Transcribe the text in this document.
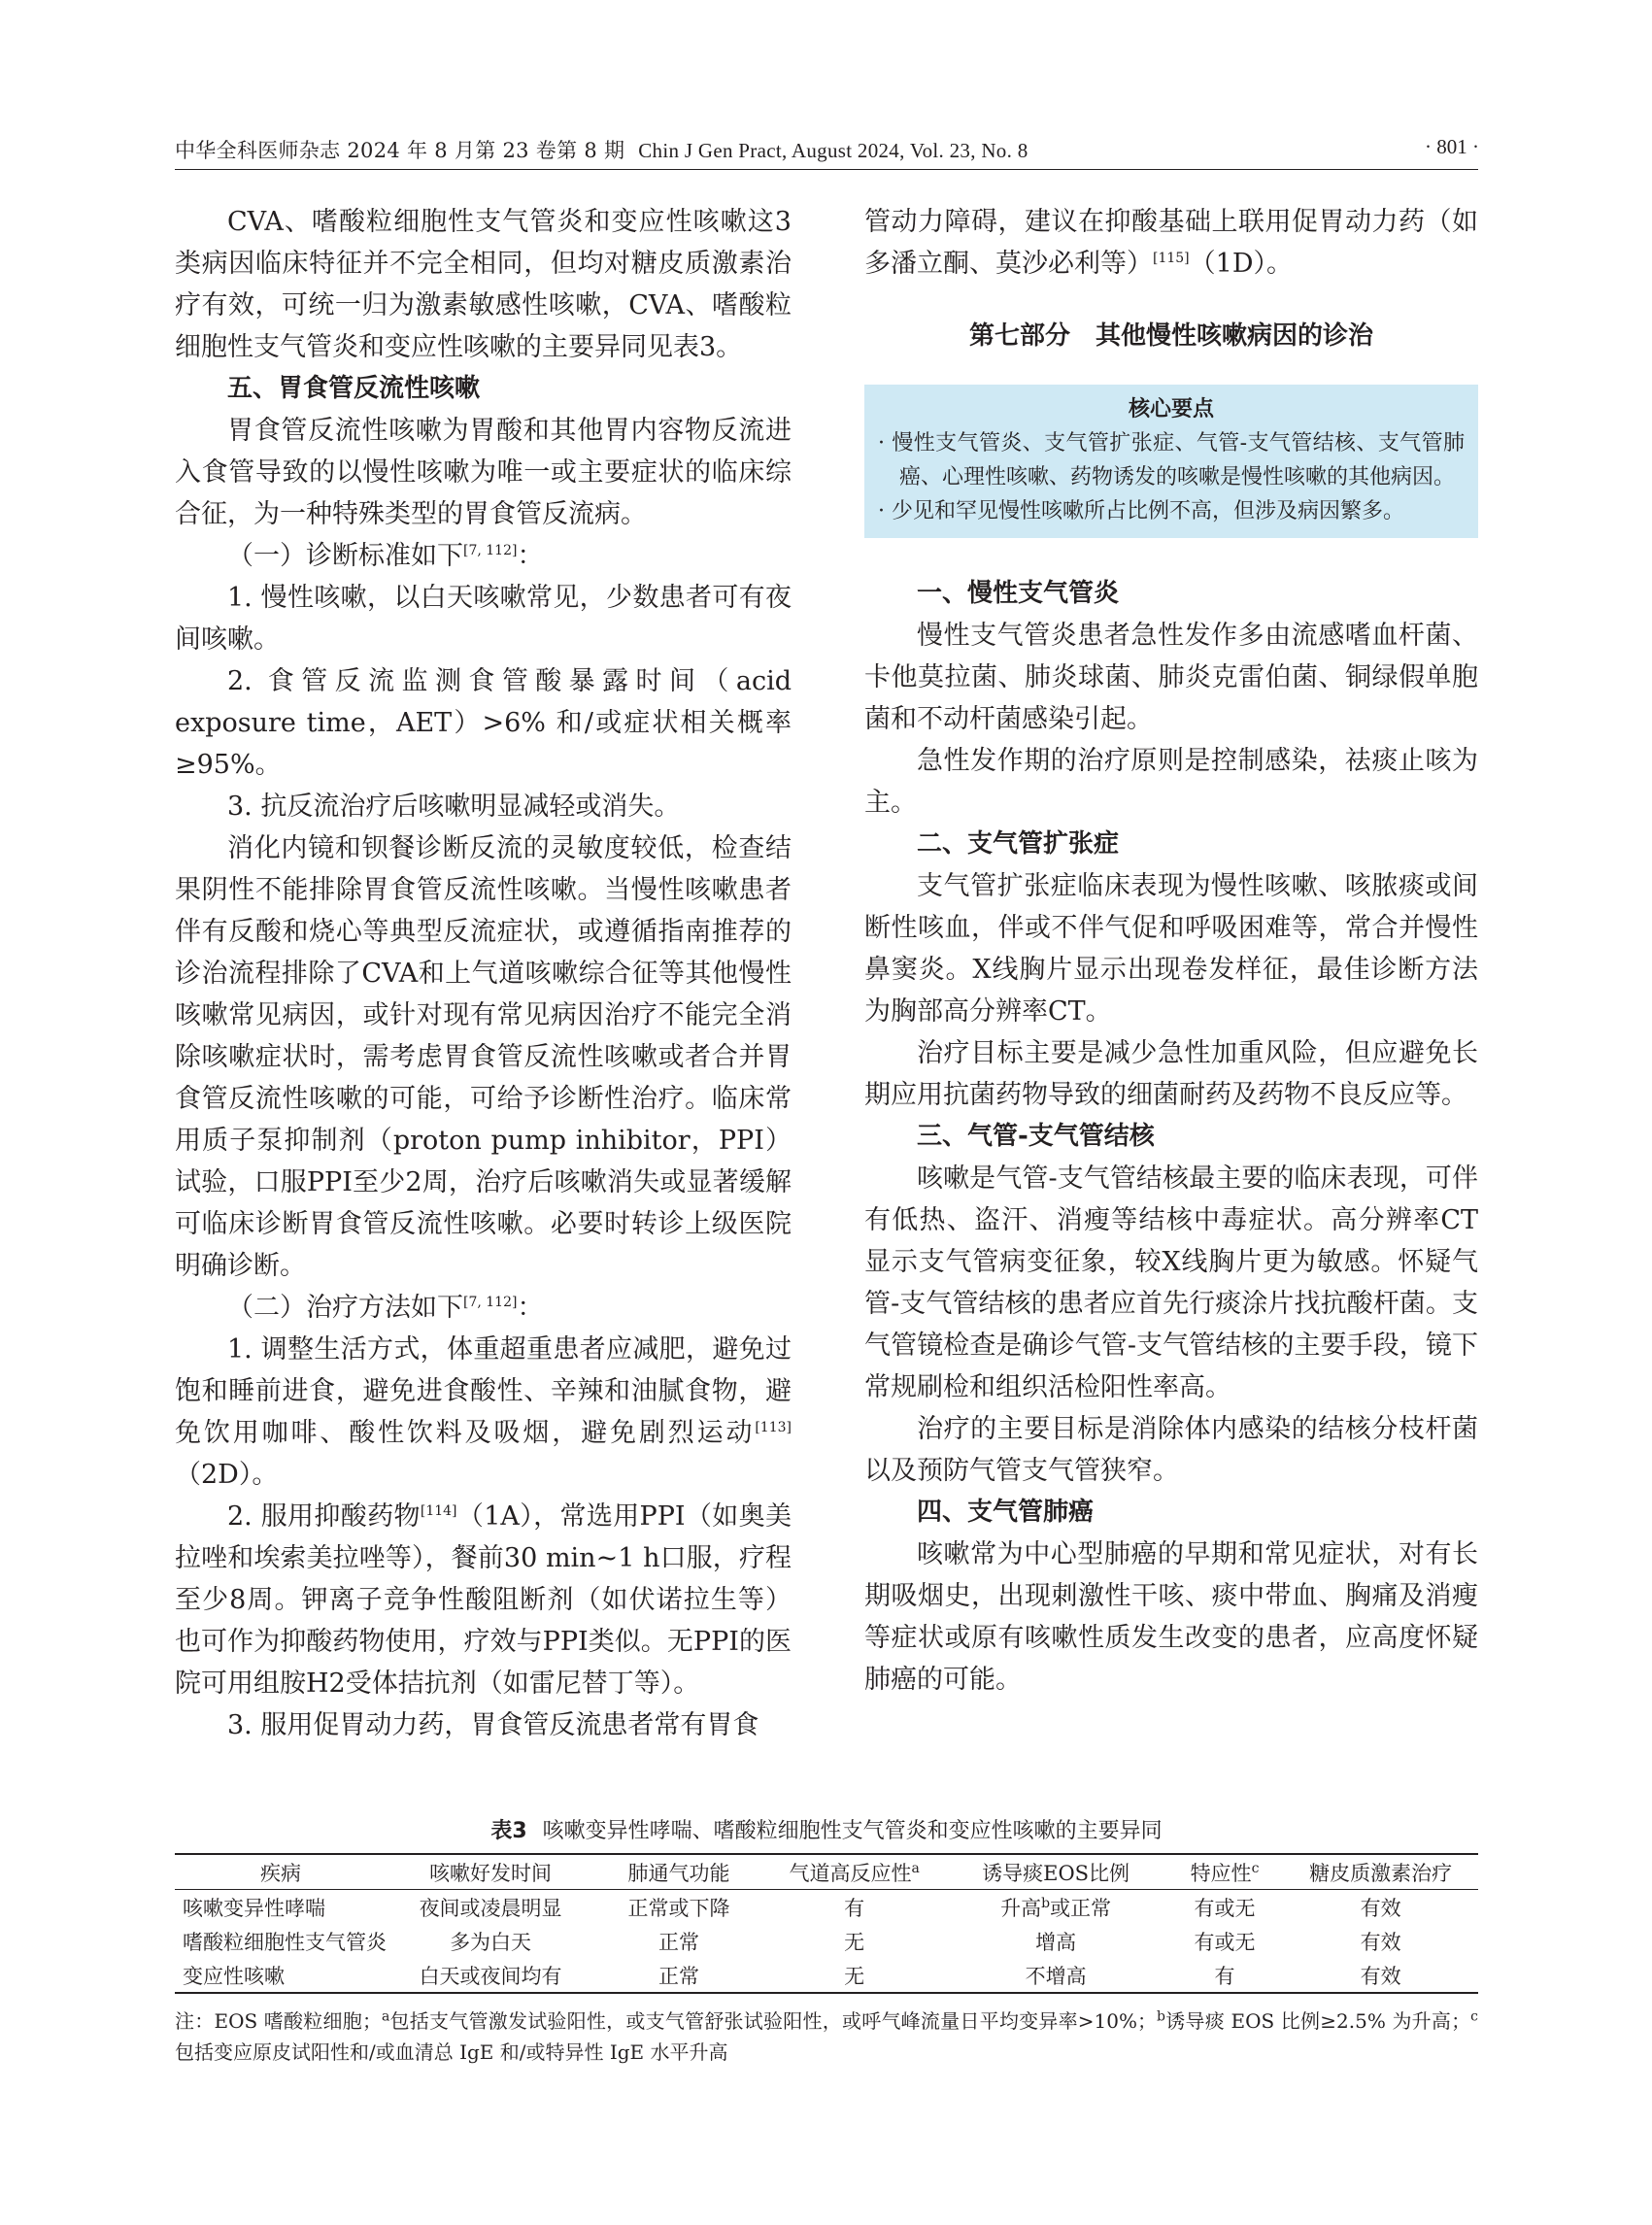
中华全科医师杂志 2024 年 8 月第 23 卷第 8 期 Chin J Gen Pract, August 2024, Vol. 23, No. 8	· 801 ·

CVA、嗜酸粒细胞性支气管炎和变应性咳嗽这3类病因临床特征并不完全相同，但均对糖皮质激素治疗有效，可统一归为激素敏感性咳嗽，CVA、嗜酸粒细胞性支气管炎和变应性咳嗽的主要异同见表3。

五、胃食管反流性咳嗽

胃食管反流性咳嗽为胃酸和其他胃内容物反流进入食管导致的以慢性咳嗽为唯一或主要症状的临床综合征，为一种特殊类型的胃食管反流病。

（一）诊断标准如下[7, 112]：

1. 慢性咳嗽，以白天咳嗽常见，少数患者可有夜间咳嗽。

2. 食管反流监测食管酸暴露时间（acid exposure time，AET）>6% 和/或症状相关概率≥95%。

3. 抗反流治疗后咳嗽明显减轻或消失。

消化内镜和钡餐诊断反流的灵敏度较低，检查结果阴性不能排除胃食管反流性咳嗽。当慢性咳嗽患者伴有反酸和烧心等典型反流症状，或遵循指南推荐的诊治流程排除了CVA和上气道咳嗽综合征等其他慢性咳嗽常见病因，或针对现有常见病因治疗不能完全消除咳嗽症状时，需考虑胃食管反流性咳嗽或者合并胃食管反流性咳嗽的可能，可给予诊断性治疗。临床常用质子泵抑制剂（proton pump inhibitor，PPI）试验，口服PPI至少2周，治疗后咳嗽消失或显著缓解可临床诊断胃食管反流性咳嗽。必要时转诊上级医院明确诊断。

（二）治疗方法如下[7, 112]：

1. 调整生活方式，体重超重患者应减肥，避免过饱和睡前进食，避免进食酸性、辛辣和油腻食物，避免饮用咖啡、酸性饮料及吸烟，避免剧烈运动[113]（2D）。

2. 服用抑酸药物[114]（1A），常选用PPI（如奥美拉唑和埃索美拉唑等），餐前30 min~1 h口服，疗程至少8周。钾离子竞争性酸阻断剂（如伏诺拉生等）也可作为抑酸药物使用，疗效与PPI类似。无PPI的医院可用组胺H2受体拮抗剂（如雷尼替丁等）。

3. 服用促胃动力药，胃食管反流患者常有胃食

管动力障碍，建议在抑酸基础上联用促胃动力药（如多潘立酮、莫沙必利等）[115]（1D）。

第七部分　其他慢性咳嗽病因的诊治

核心要点

· 慢性支气管炎、支气管扩张症、气管-支气管结核、支气管肺癌、心理性咳嗽、药物诱发的咳嗽是慢性咳嗽的其他病因。

· 少见和罕见慢性咳嗽所占比例不高，但涉及病因繁多。

一、慢性支气管炎

慢性支气管炎患者急性发作多由流感嗜血杆菌、卡他莫拉菌、肺炎球菌、肺炎克雷伯菌、铜绿假单胞菌和不动杆菌感染引起。

急性发作期的治疗原则是控制感染，祛痰止咳为主。

二、支气管扩张症

支气管扩张症临床表现为慢性咳嗽、咳脓痰或间断性咳血，伴或不伴气促和呼吸困难等，常合并慢性鼻窦炎。X线胸片显示出现卷发样征，最佳诊断方法为胸部高分辨率CT。

治疗目标主要是减少急性加重风险，但应避免长期应用抗菌药物导致的细菌耐药及药物不良反应等。

三、气管-支气管结核

咳嗽是气管-支气管结核最主要的临床表现，可伴有低热、盗汗、消瘦等结核中毒症状。高分辨率CT显示支气管病变征象，较X线胸片更为敏感。怀疑气管-支气管结核的患者应首先行痰涂片找抗酸杆菌。支气管镜检查是确诊气管-支气管结核的主要手段，镜下常规刷检和组织活检阳性率高。

治疗的主要目标是消除体内感染的结核分枝杆菌以及预防气管支气管狭窄。

四、支气管肺癌

咳嗽常为中心型肺癌的早期和常见症状，对有长期吸烟史，出现刺激性干咳、痰中带血、胸痛及消瘦等症状或原有咳嗽性质发生改变的患者，应高度怀疑肺癌的可能。

表3 咳嗽变异性哮喘、嗜酸粒细胞性支气管炎和变应性咳嗽的主要异同
疾病	咳嗽好发时间	肺通气功能	气道高反应性$^a$	诱导痰EOS比例	特应性$^c$	糖皮质激素治疗
咳嗽变异性哮喘	夜间或凌晨明显	正常或下降	有	升高$^b$或正常	有或无	有效
嗜酸粒细胞性支气管炎	多为白天	正常	无	增高	有或无	有效
变应性咳嗽	白天或夜间均有	正常	无	不增高	有	有效
注：EOS 嗜酸粒细胞；$^a$包括支气管激发试验阳性，或支气管舒张试验阳性，或呼气峰流量日平均变异率>10%；$^b$诱导痰 EOS 比例≥2.5% 为升高；$^c$包括变应原皮试阳性和/或血清总 IgE 和/或特异性 IgE 水平升高
